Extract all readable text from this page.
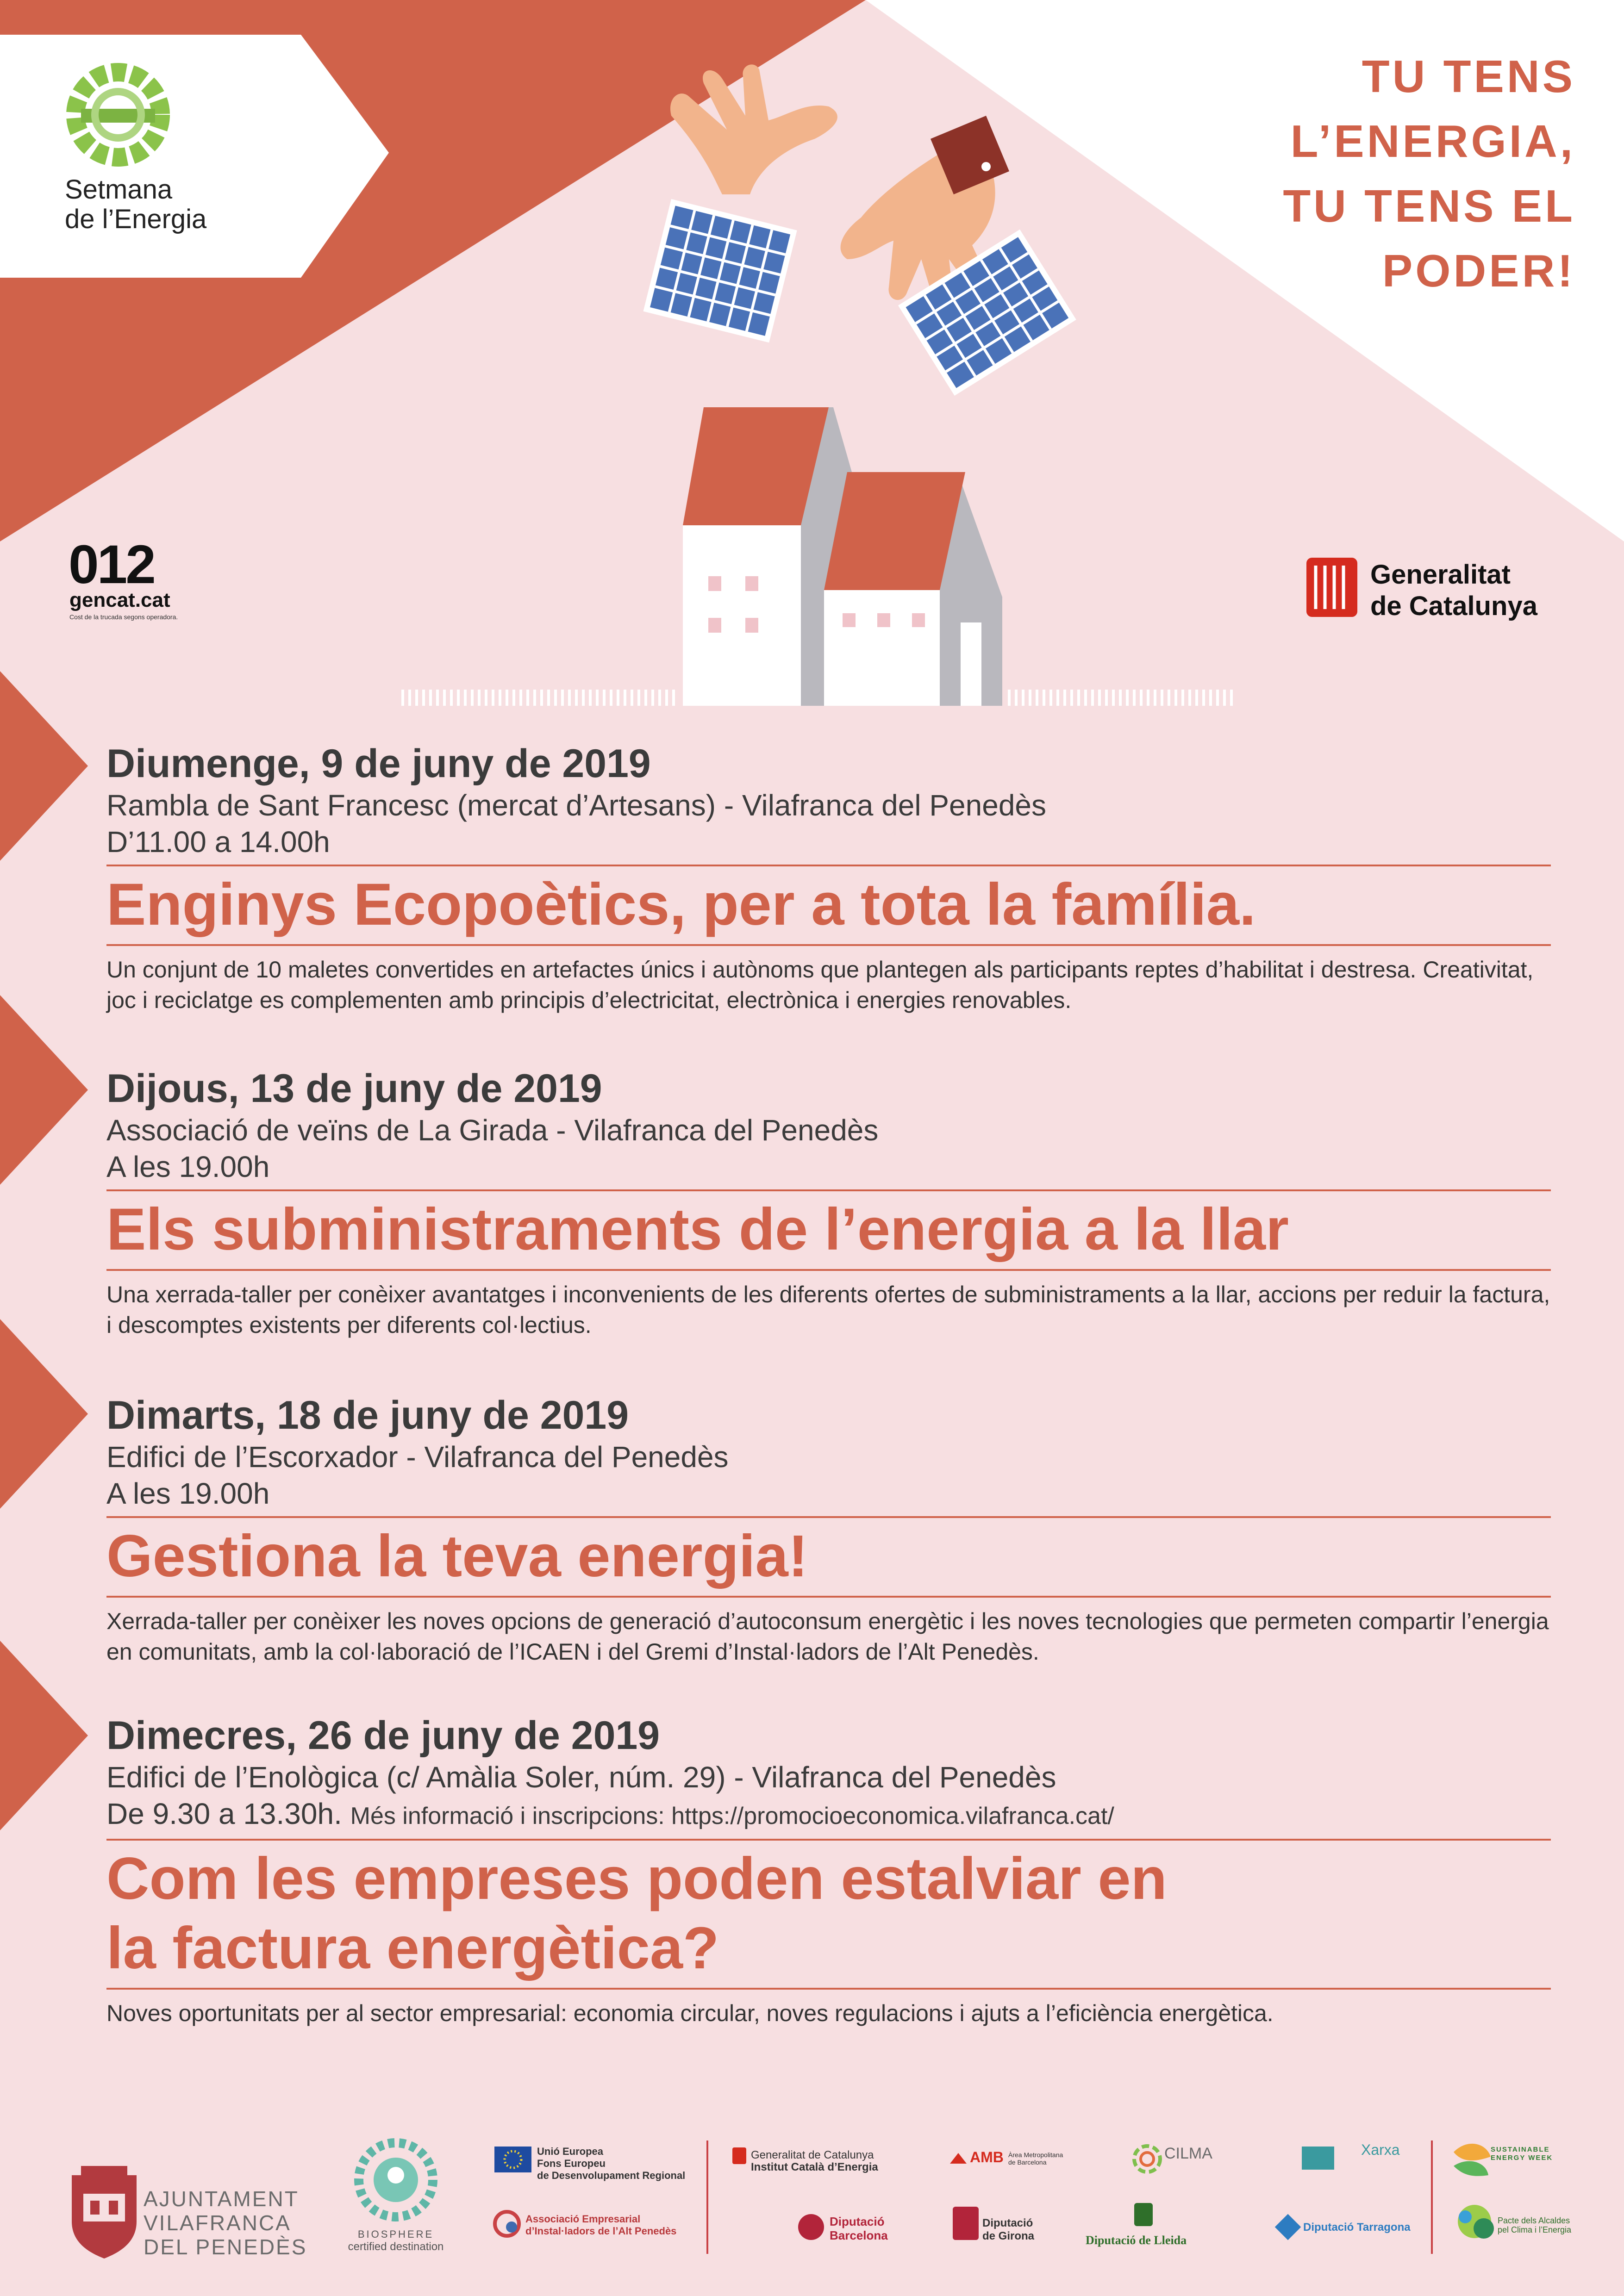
Setmana
de l’Energia
TU TENS
L’ENERGIA,
TU TENS EL
PODER!
012
gencat.cat
Cost de la trucada segons operadora.
Generalitat
de Catalunya
Diumenge, 9 de juny de 2019
Rambla de Sant Francesc (mercat d’Artesans) - Vilafranca del Penedès
D’11.00 a 14.00h
Enginys Ecopoètics, per a tota la família.
Un conjunt de 10 maletes convertides en artefactes únics i autònoms que plantegen als participants reptes d’habilitat i destresa. Creativitat, joc i reciclatge es complementen amb principis d’electricitat, electrònica i energies renovables.
Dijous, 13 de juny de 2019
Associació de veïns de La Girada - Vilafranca del Penedès
A les 19.00h
Els subministraments de l’energia a la llar
Una xerrada-taller per conèixer avantatges i inconvenients de les diferents ofertes de subministraments a la llar, accions per reduir la factura, i descomptes existents per diferents col·lectius.
Dimarts, 18 de juny de 2019
Edifici de l’Escorxador - Vilafranca del Penedès
A les 19.00h
Gestiona la teva energia!
Xerrada-taller per conèixer les noves opcions de generació d’autoconsum energètic i les noves tecnologies que permeten compartir l’energia en comunitats, amb la col·laboració de l’ICAEN i del Gremi d’Instal·ladors de l’Alt Penedès.
Dimecres, 26 de juny de 2019
Edifici de l’Enològica (c/ Amàlia Soler, núm. 29) - Vilafranca del Penedès
De 9.30 a 13.30h. Més informació i inscripcions: https://promocioeconomica.vilafranca.cat/
Com les empreses poden estalviar en
la factura energètica?
Noves oportunitats per al sector empresarial: economia circular, noves regulacions i ajuts a l’eficiència energètica.
AJUNTAMENT
VILAFRANCA
DEL PENEDÈS
BIOSPHERE
certified destination
Unió Europea
Fons Europeu
de Desenvolupament Regional
Associació Empresarial
d’Instal·ladors de l’Alt Penedès
Generalitat de Catalunya
Institut Català d’Energia
AMB Àrea Metropolitana
de Barcelona	CILMA	Xarxa
Diputació
Barcelona
Diputació
de Girona	Diputació de Lleida
Diputació Tarragona
SUSTAINABLE
ENERGY WEEK
Pacte dels Alcaldes
pel Clima i l’Energia
